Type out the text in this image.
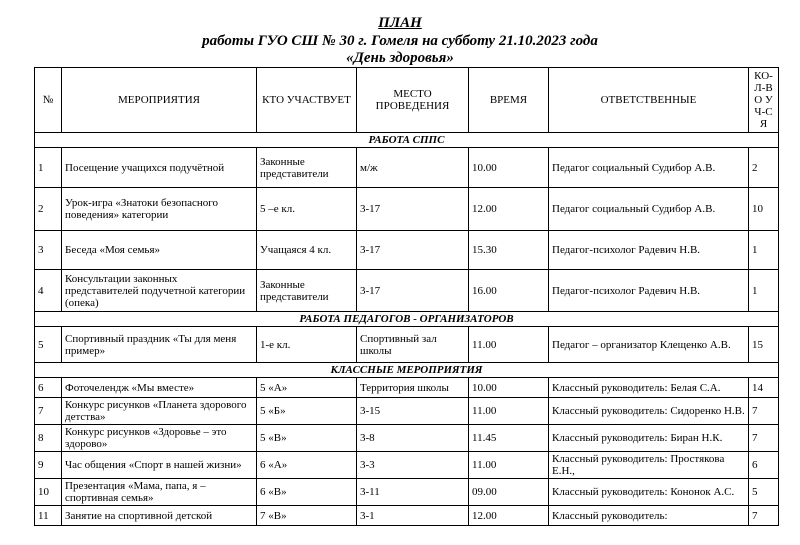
ПЛАН
работы ГУО СШ № 30 г. Гомеля на субботу 21.10.2023 года
«День здоровья»
№	МЕРОПРИЯТИЯ	КТО УЧАСТВУЕТ	МЕСТО ПРОВЕДЕНИЯ	ВРЕМЯ	ОТВЕТСТВЕННЫЕ	КО-Л-ВО УЧ-СЯ
РАБОТА СППС						
1	Посещение учащихся подучётной	Законные представители	м/ж	10.00	Педагог социальный Судибор А.В.	2
2	Урок-игра «Знатоки безопасного поведения» категории	5 –е кл.	3-17	12.00	Педагог социальный Судибор А.В.	10
3	Беседа «Моя семья»	Учащаяся 4 кл.	3-17	15.30	Педагог-психолог Радевич Н.В.	1
4	Консультации законных представителей подучетной категории (опека)	Законные представители	3-17	16.00	Педагог-психолог Радевич Н.В.	1
РАБОТА ПЕДАГОГОВ - ОРГАНИЗАТОРОВ						
5	Спортивный праздник «Ты для меня пример»	1-е кл.	Спортивный зал школы	11.00	Педагог – организатор Клещенко А.В.	15
КЛАССНЫЕ МЕРОПРИЯТИЯ						
6	Фоточелендж «Мы вместе»	5 «А»	Территория школы	10.00	Классный руководитель: Белая С.А.	14
7	Конкурс рисунков «Планета здорового детства»	5 «Б»	3-15	11.00	Классный руководитель: Сидоренко Н.В.	7
8	Конкурс рисунков «Здоровье – это здорово»	5 «В»	3-8	11.45	Классный руководитель: Биран Н.К.	7
9	Час общения «Спорт в нашей жизни»	6 «А»	3-3	11.00	Классный руководитель: Простякова Е.Н.,	6
10	Презентация «Мама, папа, я – спортивная семья»	6 «В»	3-11	09.00	Классный руководитель: Кононок А.С.	5
11	Занятие на спортивной детской	7 «В»	3-1	12.00	Классный руководитель:	7
